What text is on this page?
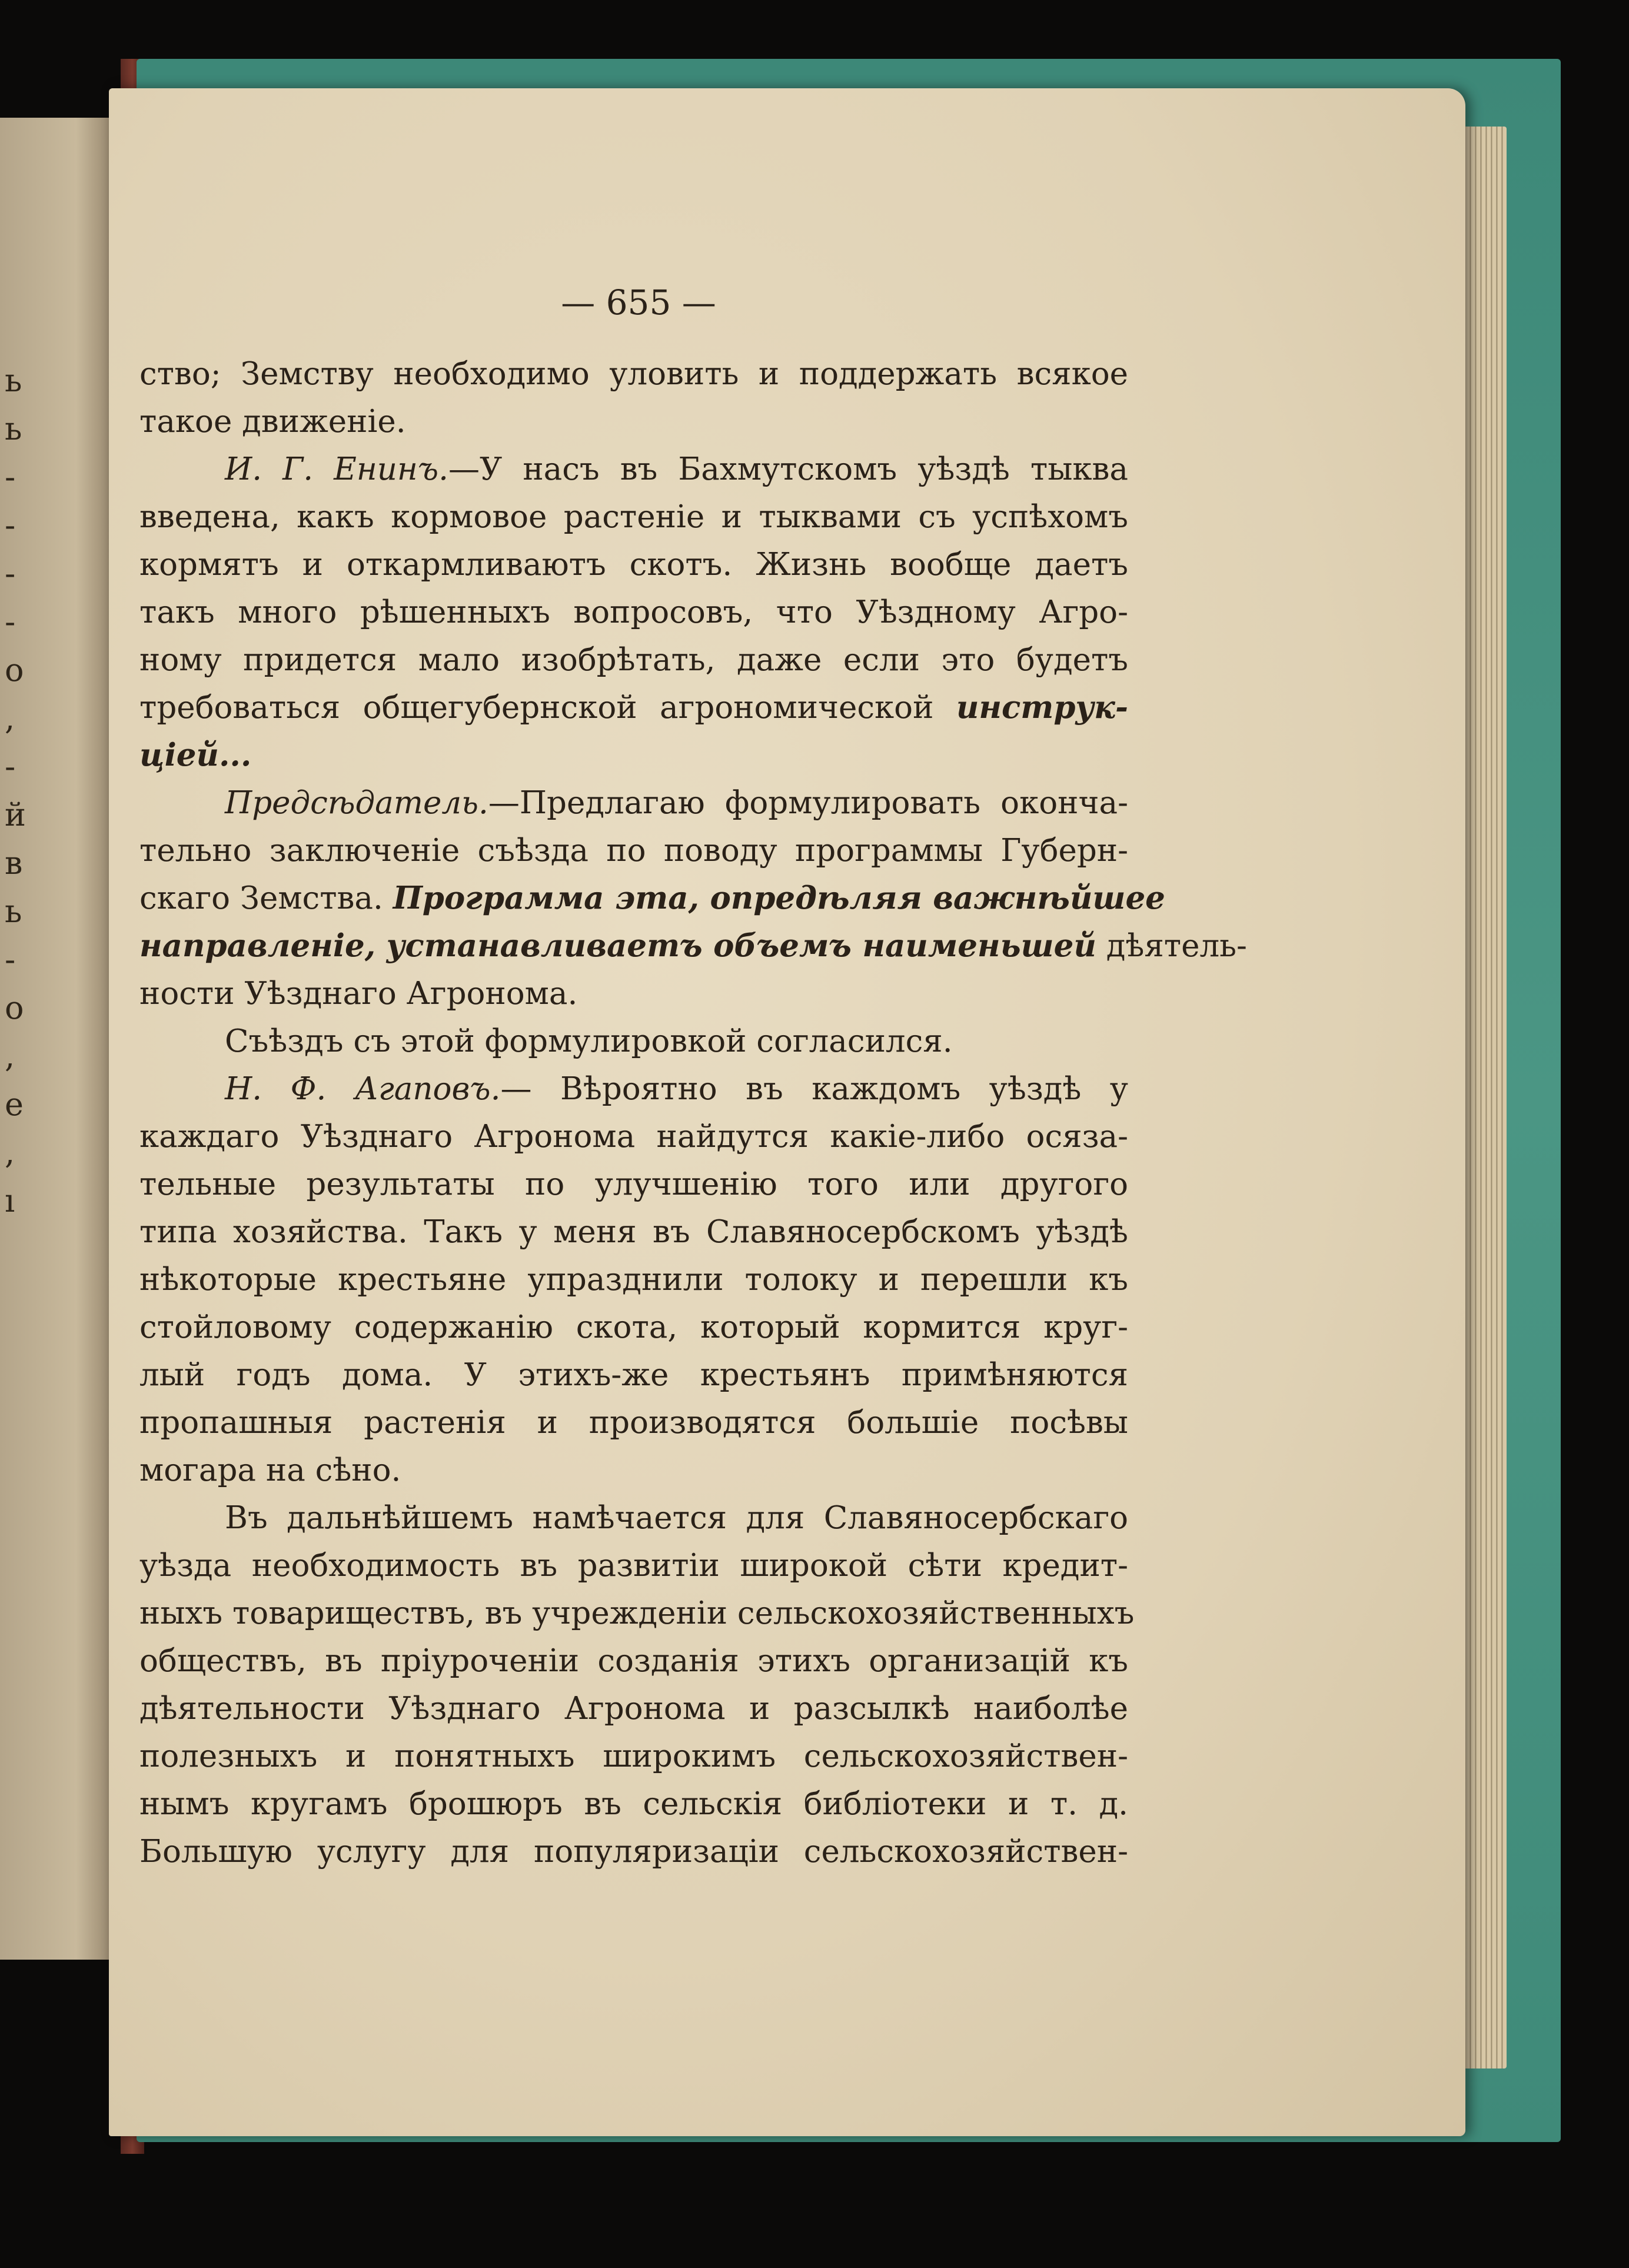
ь
ь
-
-
-
-
о
,
-
й
в
ь
-
о
,
е
,
ı
— 655 —
ство; Земству необходимо уловить и поддержать всякое
такое движеніе.
И. Г. Енинъ.—У насъ въ Бахмутскомъ уѣздѣ тыква
введена, какъ кормовое растеніе и тыквами съ успѣхомъ
кормятъ и откармливаютъ скотъ. Жизнь вообще даетъ
такъ много рѣшенныхъ вопросовъ, что Уѣздному Агро-
ному придется мало изобрѣтать, даже если это будетъ
требоваться общегубернской агрономической инструк-
ціей...
Предсѣдатель.—Предлагаю формулировать оконча-
тельно заключеніе съѣзда по поводу программы Губерн-
скаго Земства. Программа эта, опредѣляя важнѣйшее
направленіе, устанавливаетъ объемъ наименьшей дѣятель-
ности Уѣзднаго Агронома.
Съѣздъ съ этой формулировкой согласился.
Н. Ф. Агаповъ.— Вѣроятно въ каждомъ уѣздѣ у
каждаго Уѣзднаго Агронома найдутся какіе-либо осяза-
тельные результаты по улучшенію того или другого
типа хозяйства. Такъ у меня въ Славяносербскомъ уѣздѣ
нѣкоторые крестьяне упразднили толоку и перешли къ
стойловому содержанію скота, который кормится круг-
лый годъ дома. У этихъ-же крестьянъ примѣняются
пропашныя растенія и производятся большіе посѣвы
могара на сѣно.
Въ дальнѣйшемъ намѣчается для Славяносербскаго
уѣзда необходимость въ развитіи широкой сѣти кредит-
ныхъ товариществъ, въ учрежденіи сельскохозяйственныхъ
обществъ, въ пріуроченіи созданія этихъ организацій къ
дѣятельности Уѣзднаго Агронома и разсылкѣ наиболѣе
полезныхъ и понятныхъ широкимъ сельскохозяйствен-
нымъ кругамъ брошюръ въ сельскія библіотеки и т. д.
Большую услугу для популяризаціи сельскохозяйствен-
